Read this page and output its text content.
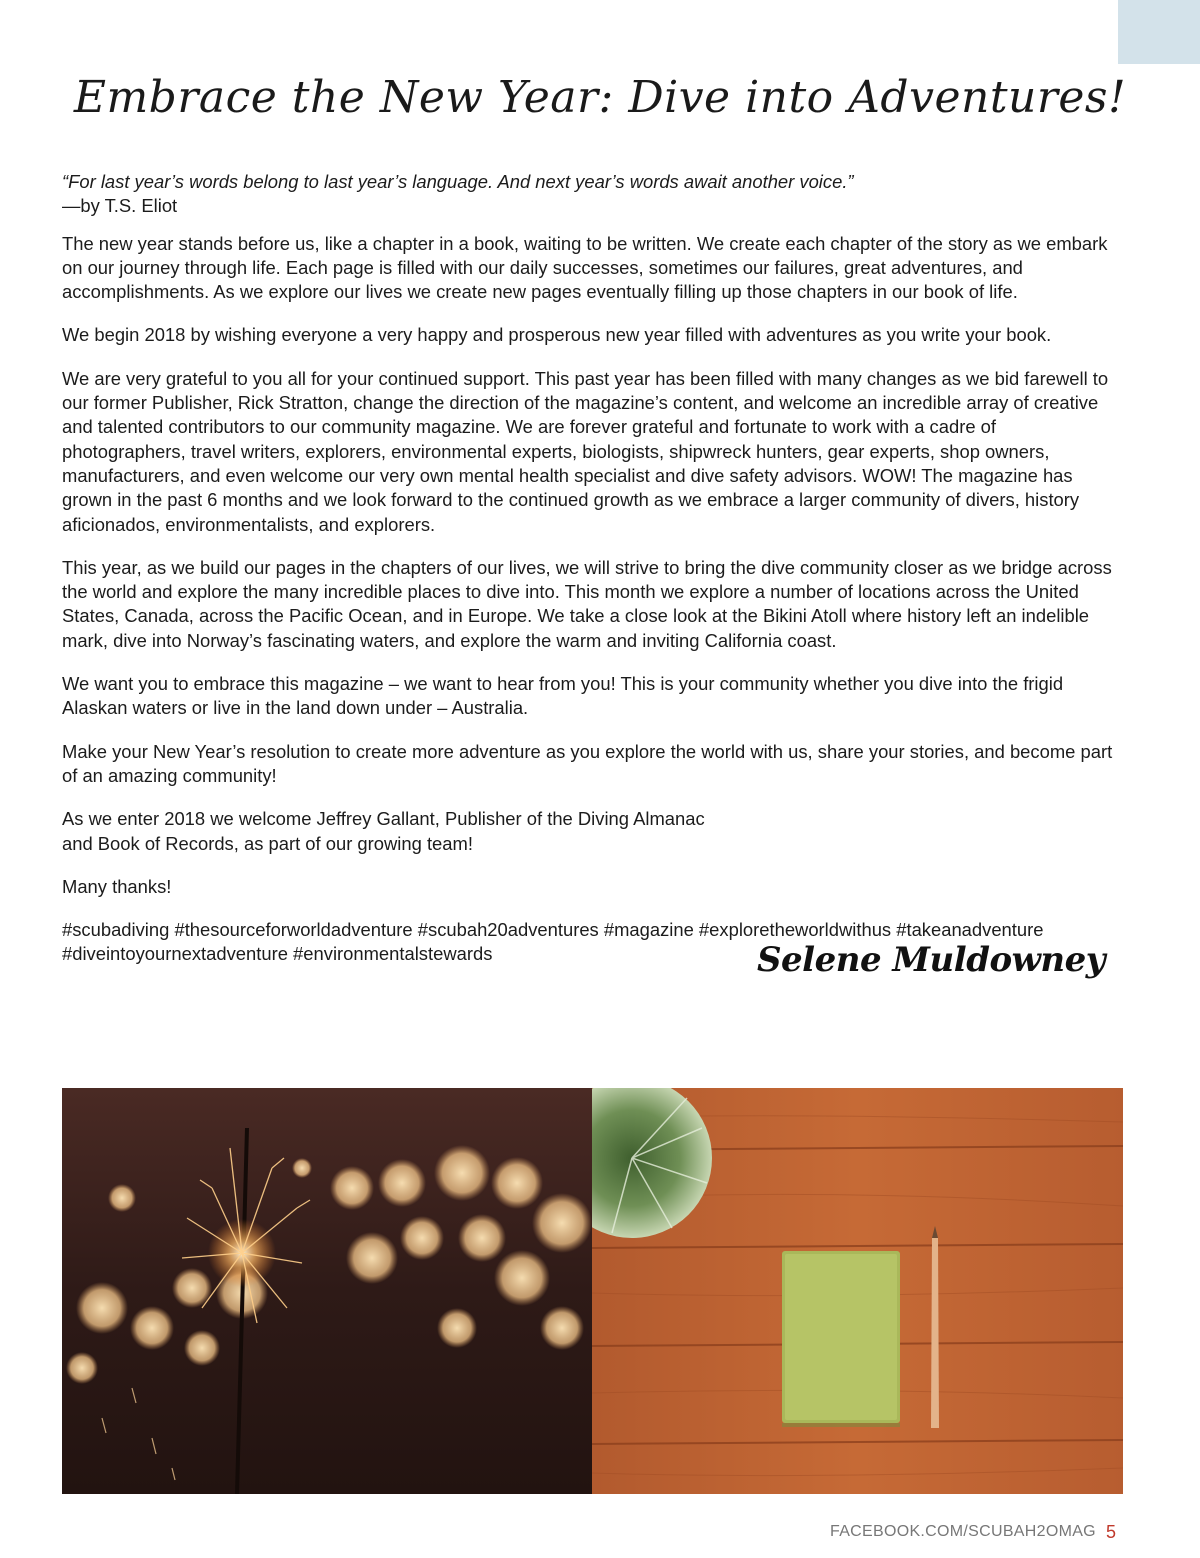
Embrace the New Year: Dive into Adventures!

“For last year’s words belong to last year’s language. And next year’s words await another voice.”

—by T.S. Eliot

The new year stands before us, like a chapter in a book, waiting to be written. We create each chapter of the story as we embark on our journey through life. Each page is filled with our daily successes, sometimes our failures, great adventures, and accomplishments. As we explore our lives we create new pages eventually filling up those chapters in our book of life.

We begin 2018 by wishing everyone a very happy and prosperous new year filled with adventures as you write your book.

We are very grateful to you all for your continued support. This past year has been filled with many changes as we bid farewell to our former Publisher, Rick Stratton, change the direction of the magazine’s content, and welcome an incredible array of creative and talented contributors to our community magazine. We are forever grateful and fortunate to work with a cadre of photographers, travel writers, explorers, environmental experts, biologists, shipwreck hunters, gear experts, shop owners, manufacturers, and even welcome our very own mental health specialist and dive safety advisors. WOW! The magazine has grown in the past 6 months and we look forward to the continued growth as we embrace a larger community of divers, history aficionados, environmentalists, and explorers.

This year, as we build our pages in the chapters of our lives, we will strive to bring the dive community closer as we bridge across the world and explore the many incredible places to dive into. This month we explore a number of locations across the United States, Canada, across the Pacific Ocean, and in Europe. We take a close look at the Bikini Atoll where history left an indelible mark, dive into Norway’s fascinating waters, and explore the warm and inviting California coast.

We want you to embrace this magazine – we want to hear from you! This is your community whether you dive into the frigid Alaskan waters or live in the land down under – Australia.

Make your New Year’s resolution to create more adventure as you explore the world with us, share your stories, and become part of an amazing community!

As we enter 2018 we welcome Jeffrey Gallant, Publisher of the Diving Almanac and Book of Records, as part of our growing team!

Many thanks!

#scubadiving #thesourceforworldadventure #scubah20adventures #magazine #exploretheworldwithus #takeanadventure #diveintoyournextadventure #environmentalstewards	Selene Muldowney
FACEBOOK.COM/SCUBAH2OMAG 5
